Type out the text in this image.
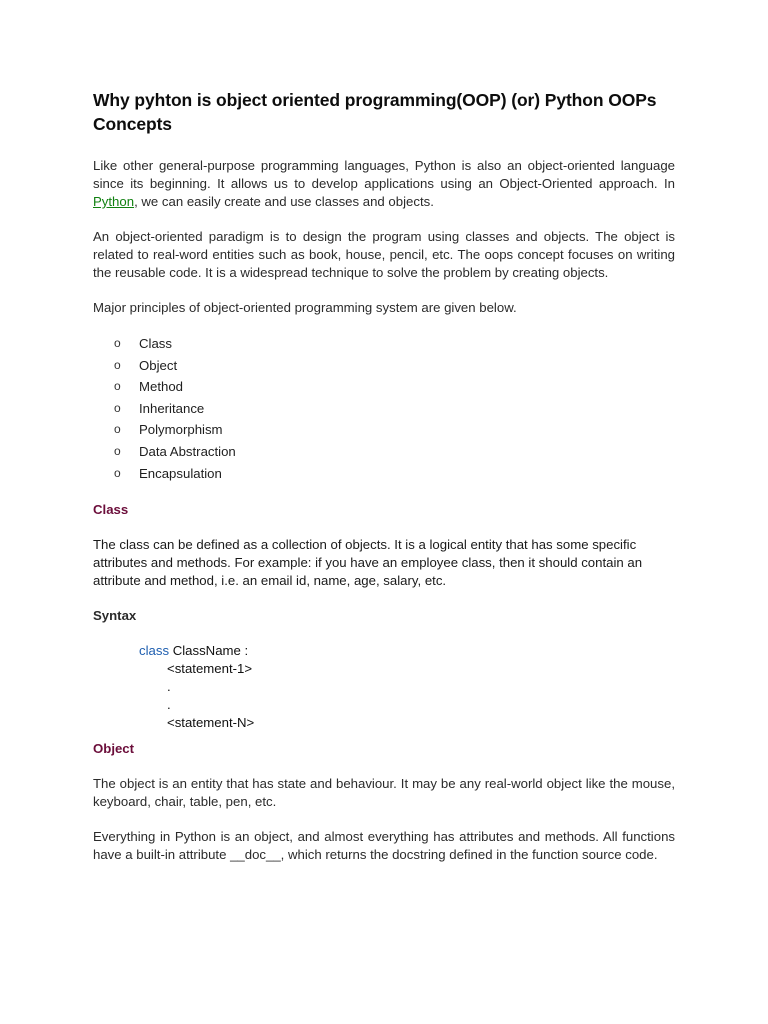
Why pyhton is object oriented programming(OOP) (or) Python OOPs Concepts

Like other general-purpose programming languages, Python is also an object-oriented language since its beginning. It allows us to develop applications using an Object-Oriented approach. In Python, we can easily create and use classes and objects.

An object-oriented paradigm is to design the program using classes and objects. The object is related to real-word entities such as book, house, pencil, etc. The oops concept focuses on writing the reusable code. It is a widespread technique to solve the problem by creating objects.

Major principles of object-oriented programming system are given below.

o Class
o Object
o Method
o Inheritance
o Polymorphism
o Data Abstraction
o Encapsulation
Class

The class can be defined as a collection of objects. It is a logical entity that has some specific attributes and methods. For example: if you have an employee class, then it should contain an attribute and method, i.e. an email id, name, age, salary, etc.

Syntax

class ClassName :
<statement-1>
.
.
<statement-N>
Object

The object is an entity that has state and behaviour. It may be any real-world object like the mouse, keyboard, chair, table, pen, etc.

Everything in Python is an object, and almost everything has attributes and methods. All functions have a built-in attribute __doc__, which returns the docstring defined in the function source code.
